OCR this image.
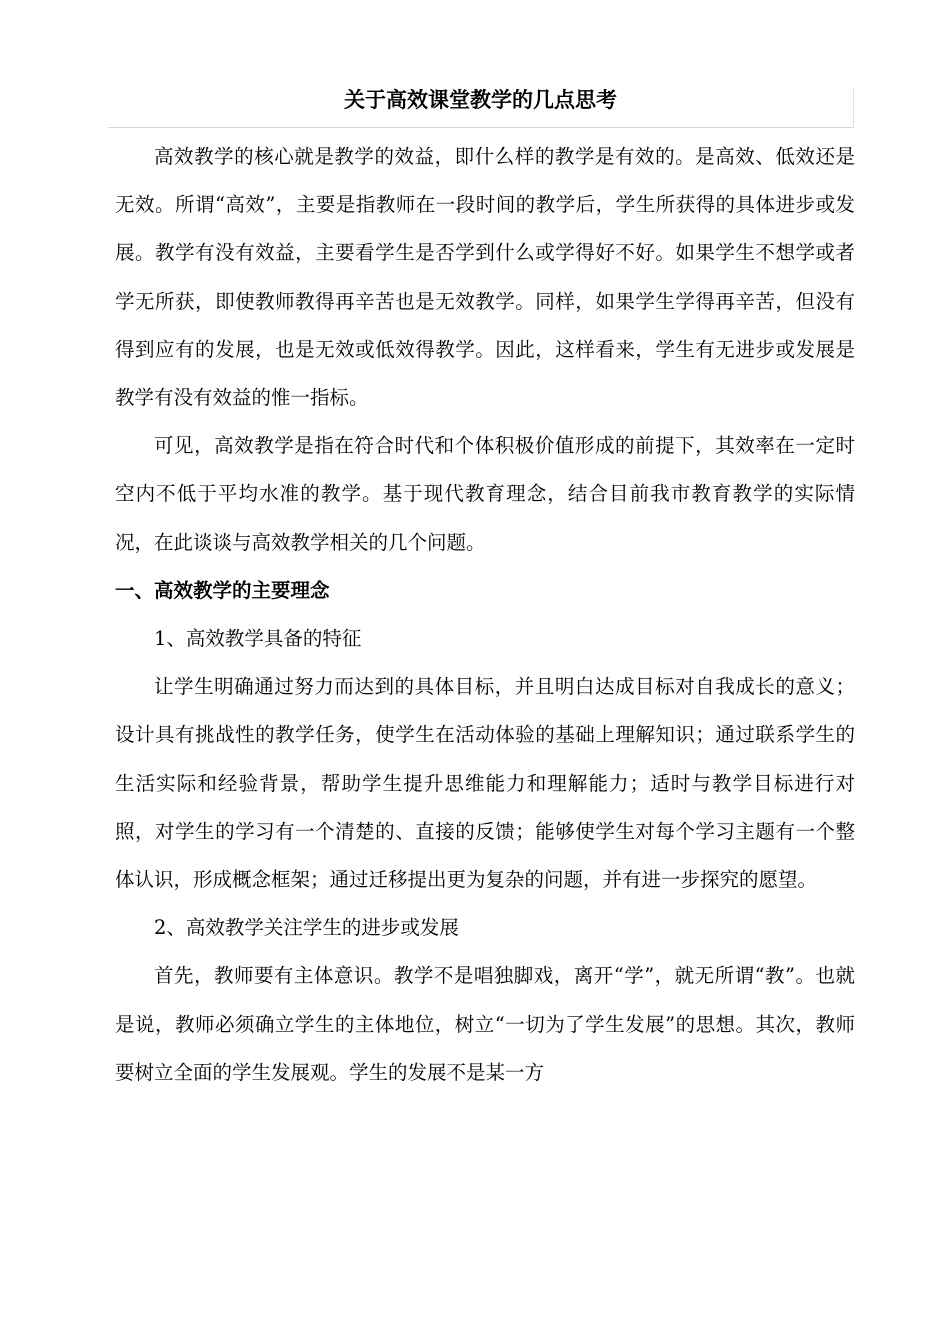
关于高效课堂教学的几点思考

高效教学的核心就是教学的效益，即什么样的教学是有效的。是高效、低效还是无效。所谓“高效”，主要是指教师在一段时间的教学后，学生所获得的具体进步或发展。教学有没有效益，主要看学生是否学到什么或学得好不好。如果学生不想学或者学无所获，即使教师教得再辛苦也是无效教学。同样，如果学生学得再辛苦，但没有得到应有的发展，也是无效或低效得教学。因此，这样看来，学生有无进步或发展是教学有没有效益的惟一指标。

可见，高效教学是指在符合时代和个体积极价值形成的前提下，其效率在一定时空内不低于平均水准的教学。基于现代教育理念，结合目前我市教育教学的实际情况，在此谈谈与高效教学相关的几个问题。

一、高效教学的主要理念

1、高效教学具备的特征

让学生明确通过努力而达到的具体目标，并且明白达成目标对自我成长的意义；设计具有挑战性的教学任务，使学生在活动体验的基础上理解知识；通过联系学生的生活实际和经验背景，帮助学生提升思维能力和理解能力；适时与教学目标进行对照，对学生的学习有一个清楚的、直接的反馈；能够使学生对每个学习主题有一个整体认识，形成概念框架；通过迁移提出更为复杂的问题，并有进一步探究的愿望。

2、高效教学关注学生的进步或发展

首先，教师要有主体意识。教学不是唱独脚戏，离开“学”，就无所谓“教”。也就是说，教师必须确立学生的主体地位，树立“一切为了学生发展”的思想。其次，教师要树立全面的学生发展观。学生的发展不是某一方
